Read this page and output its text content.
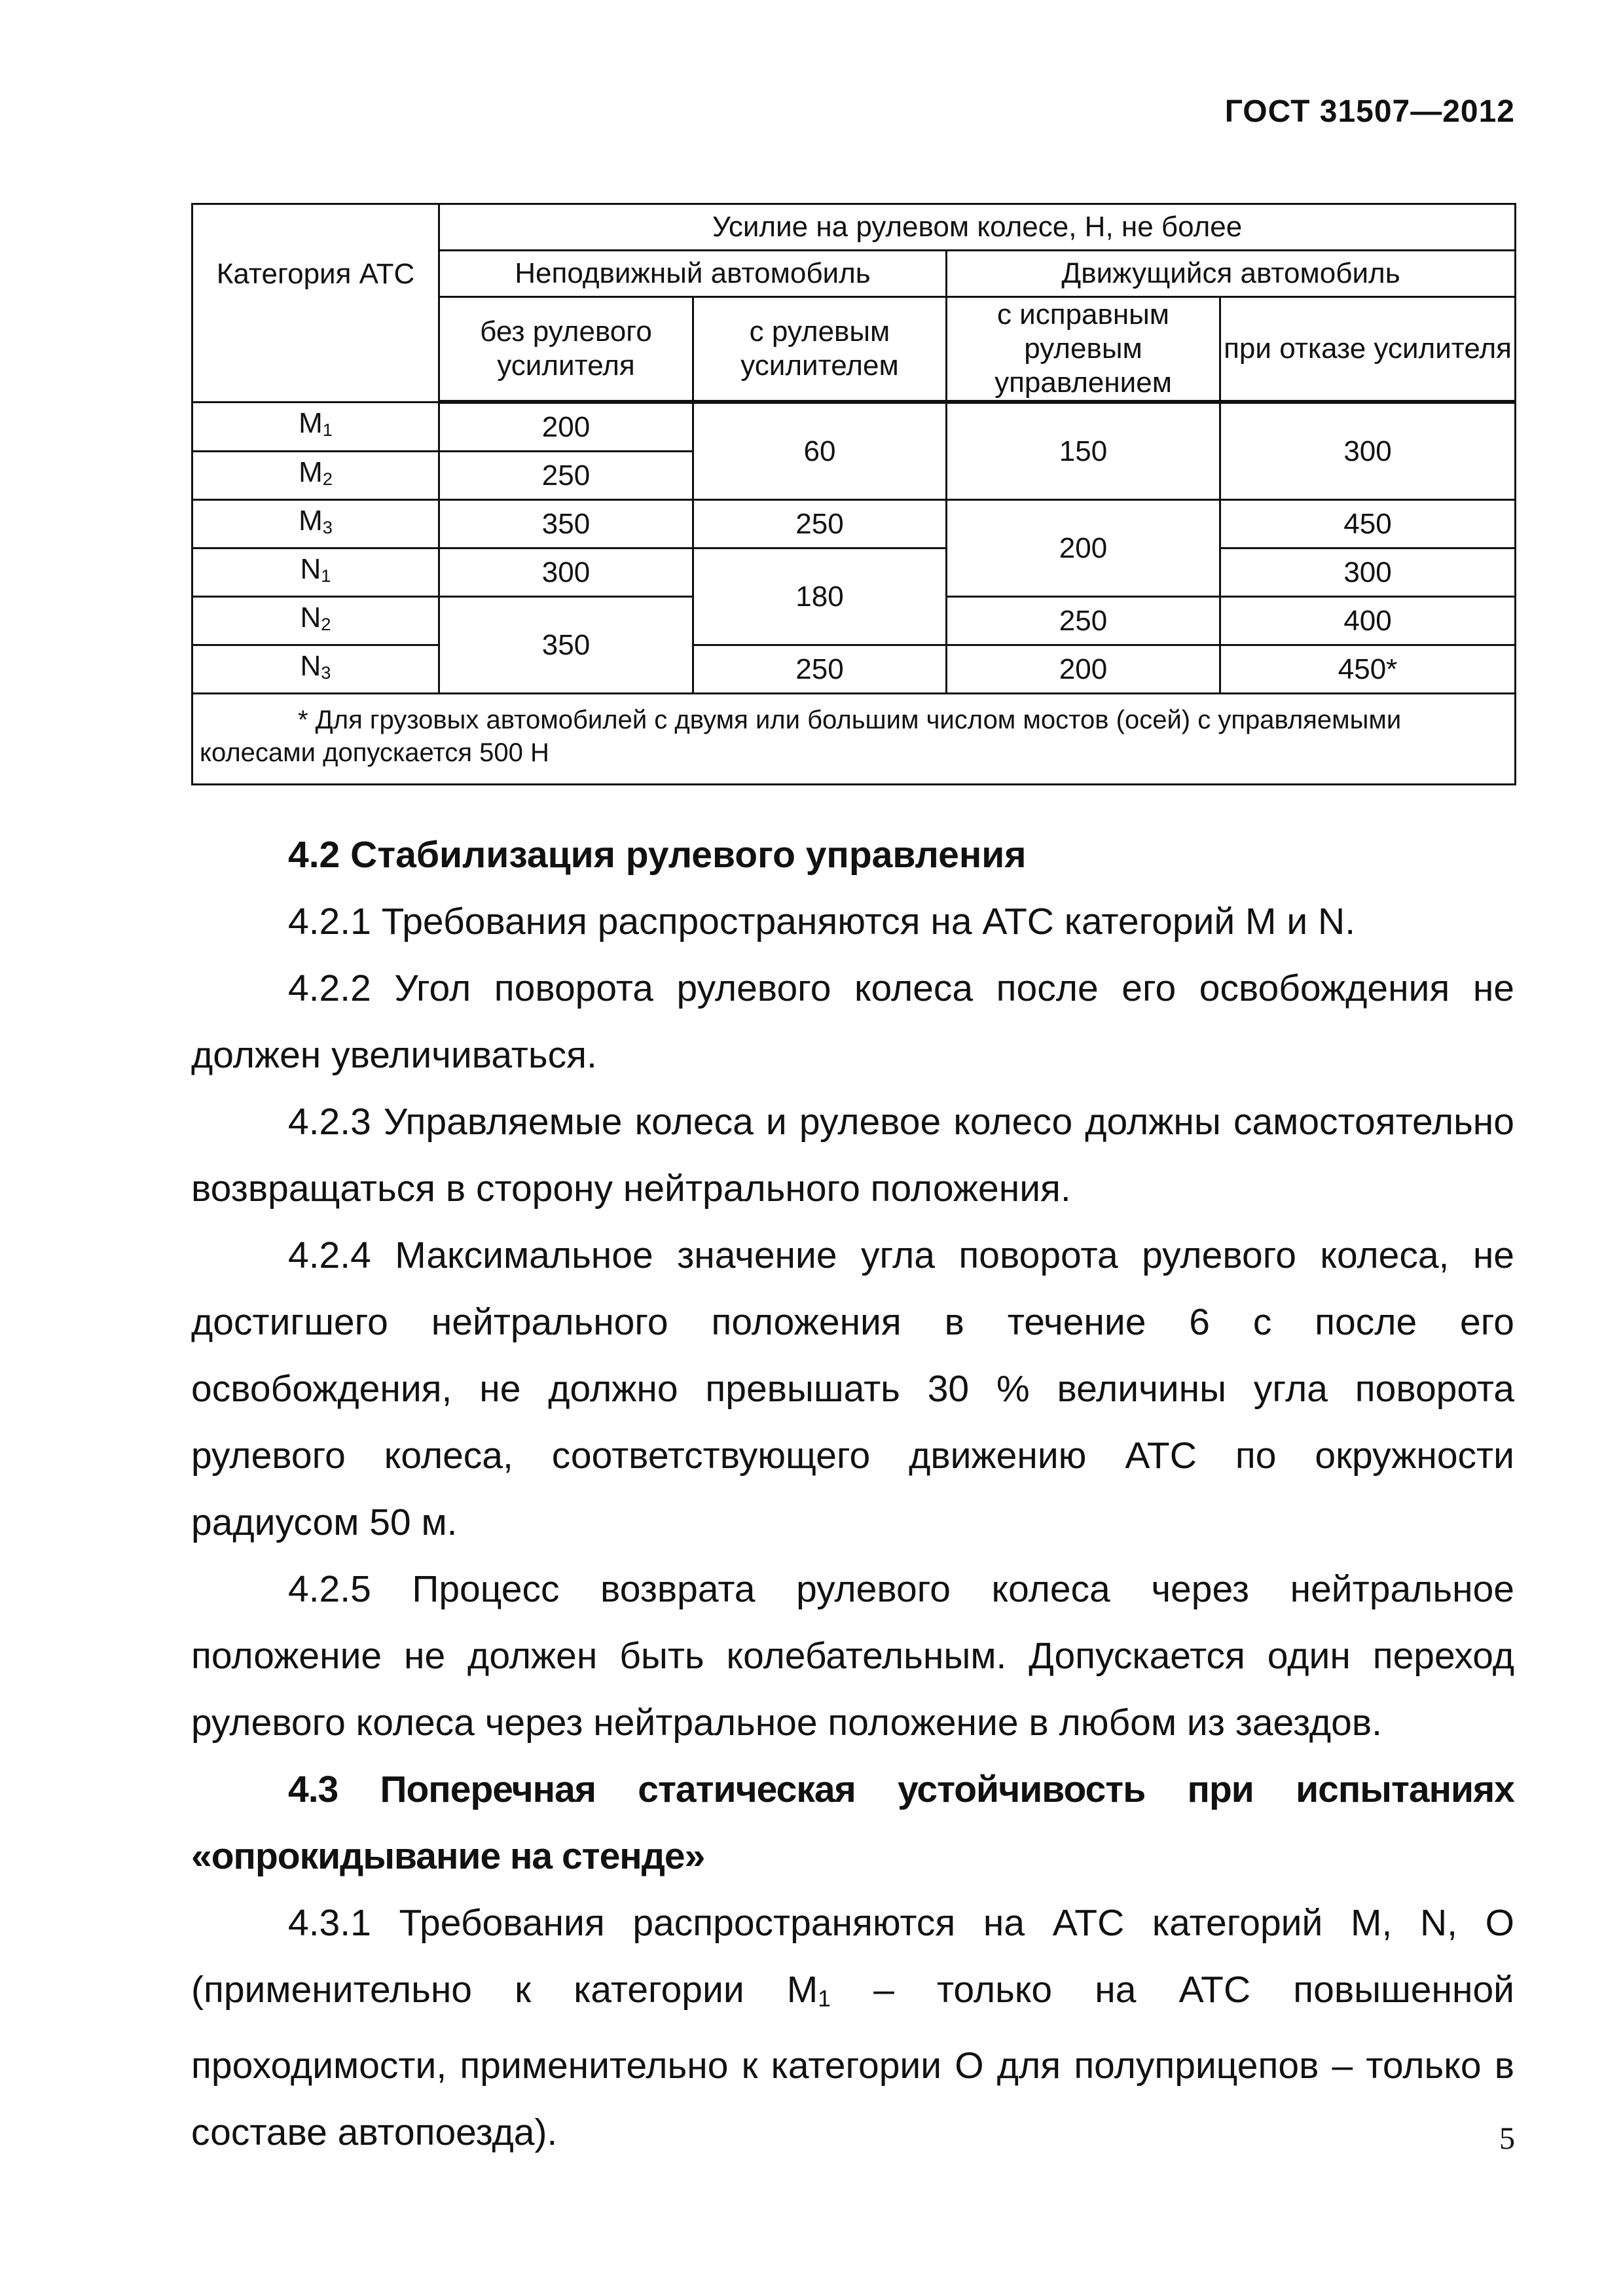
ГОСТ 31507—2012
Категория АТС	Усилие на рулевом колесе, Н, не более			
	Неподвижный автомобиль		Движущийся автомобиль	
	без рулевого усилителя	с рулевым усилителем	с исправным рулевым управлением	при отказе усилителя
$M_1$	200	60	150	300
$M_2$	250			
$M_3$	350	250	200	450
$N_1$	300	180		300
$N_2$	350		250	400
$N_3$		250	200	450*
* Для грузовых автомобилей с двумя или большим числом мостов (осей) с управляемыми колесами допускается 500 Н				

4.2 Стабилизация рулевого управления

4.2.1 Требования распространяются на АТС категорий М и N.

4.2.2 Угол поворота рулевого колеса после его освобождения не должен увеличиваться.

4.2.3 Управляемые колеса и рулевое колесо должны самостоятельно возвращаться в сторону нейтрального положения.

4.2.4 Максимальное значение угла поворота рулевого колеса, не достигшего нейтрального положения в течение 6 с после его освобождения, не должно превышать 30 % величины угла поворота рулевого колеса, соответствующего движению АТС по окружности радиусом 50 м.

4.2.5 Процесс возврата рулевого колеса через нейтральное положение не должен быть колебательным. Допускается один переход рулевого колеса через нейтральное положение в любом из заездов.

4.3 Поперечная статическая устойчивость при испытаниях «опрокидывание на стенде»

4.3.1 Требования распространяются на АТС категорий М, N, О (применительно к категории $М_1$ – только на АТС повышенной проходимости, применительно к категории О для полуприцепов – только в составе автопоезда).	5
